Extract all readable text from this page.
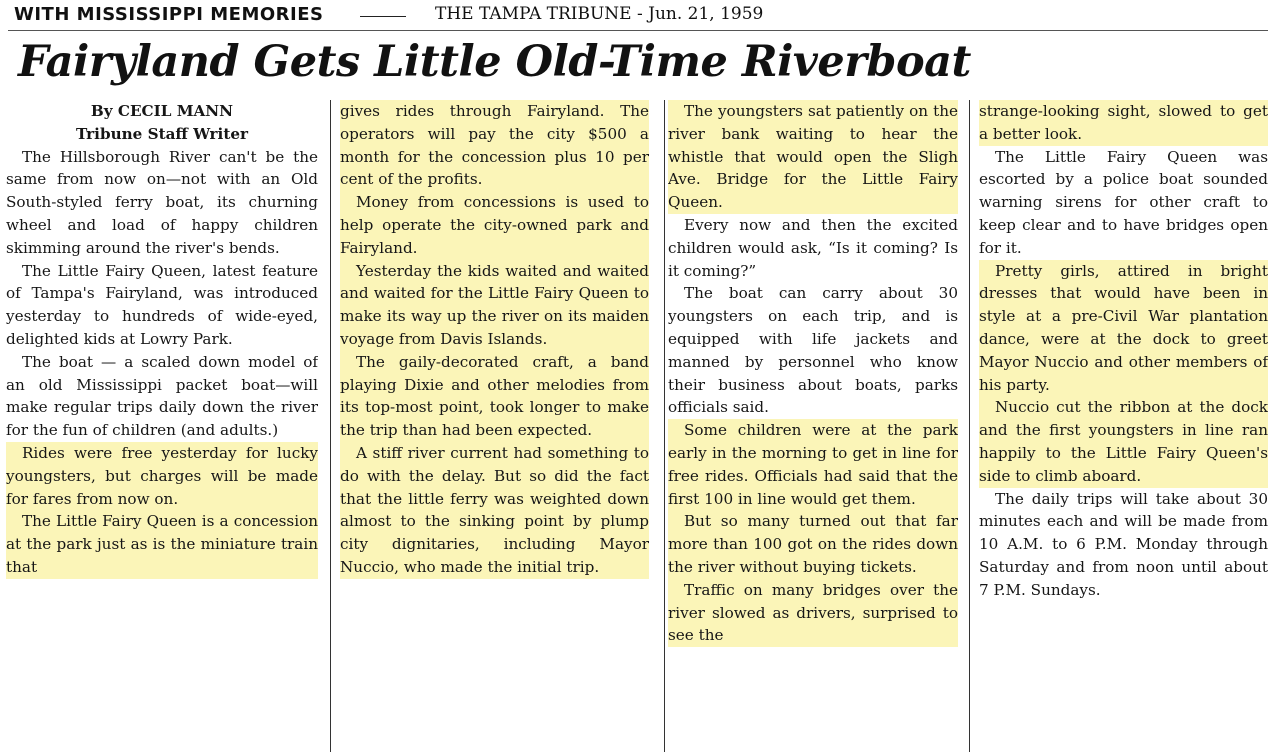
WITH MISSISSIPPI MEMORIES	THE TAMPA TRIBUNE - Jun. 21, 1959
Fairyland Gets Little Old-Time Riverboat

By CECIL MANN

Tribune Staff Writer

The Hillsborough River can't be the same from now on—not with an Old South-styled ferry boat, its churning wheel and load of happy children skimming around the river's bends.

The Little Fairy Queen, latest feature of Tampa's Fairyland, was introduced yesterday to hundreds of wide-eyed, delighted kids at Lowry Park.

The boat — a scaled down model of an old Mississippi packet boat—will make regular trips daily down the river for the fun of children (and adults.)

Rides were free yesterday for lucky youngsters, but charges will be made for fares from now on.

The Little Fairy Queen is a concession at the park just as is the miniature train that

gives rides through Fairyland. The operators will pay the city $500 a month for the concession plus 10 per cent of the profits.

Money from concessions is used to help operate the city-owned park and Fairyland.

Yesterday the kids waited and waited and waited for the Little Fairy Queen to make its way up the river on its maiden voyage from Davis Islands.

The gaily-decorated craft, a band playing Dixie and other melodies from its top-most point, took longer to make the trip than had been expected.

A stiff river current had something to do with the delay. But so did the fact that the little ferry was weighted down almost to the sinking point by plump city dignitaries, including Mayor Nuccio, who made the initial trip.

The youngsters sat patiently on the river bank waiting to hear the whistle that would open the Sligh Ave. Bridge for the Little Fairy Queen.

Every now and then the excited children would ask, “Is it coming? Is it coming?”

The boat can carry about 30 youngsters on each trip, and is equipped with life jackets and manned by personnel who know their business about boats, parks officials said.

Some children were at the park early in the morning to get in line for free rides. Officials had said that the first 100 in line would get them.

But so many turned out that far more than 100 got on the rides down the river without buying tickets.

Traffic on many bridges over the river slowed as drivers, surprised to see the

strange-looking sight, slowed to get a better look.

The Little Fairy Queen was escorted by a police boat sounded warning sirens for other craft to keep clear and to have bridges open for it.

Pretty girls, attired in bright dresses that would have been in style at a pre-Civil War plantation dance, were at the dock to greet Mayor Nuccio and other members of his party.

Nuccio cut the ribbon at the dock and the first youngsters in line ran happily to the Little Fairy Queen's side to climb aboard.

The daily trips will take about 30 minutes each and will be made from 10 A.M. to 6 P.M. Monday through Saturday and from noon until about 7 P.M. Sundays.
